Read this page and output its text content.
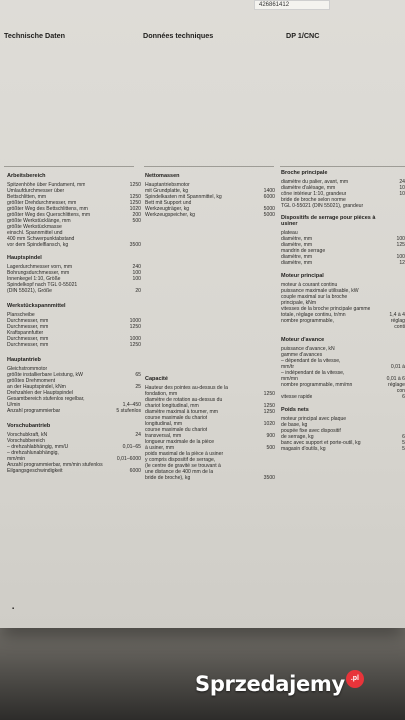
426861412
Technische Daten	Données techniques	DP 1/CNC
Arbeitsbereich
Spitzenhöhe über Fundament, mm	1250
Umlaufdurchmesser über
Bettschlitten, mm	1250
größter Drehdurchmesser, mm	1250
größter Weg des Bettschlittens, mm	1020
größter Weg des Querschlittens, mm	200
größte Werkstücklänge, mm	500
größte Werkstückmasse
einschl. Spannmittel und
400 mm Schwerpunktabstand
vor dem Spindelflansch, kg	3500
Hauptspindel
Lagerdurchmesser vorn, mm	240
Bohrungsdurchmesser, mm	100
Innenkegel 1:10, Größe	100
Spindelkopf nach TGL 0-55021
(DIN 55021), Größe	20
Werkstückspannmittel
Planscheibe
Durchmesser, mm	1000
Durchmesser, mm	1250
Kraftspannfutter
Durchmesser, mm	1000
Durchmesser, mm	1250
Hauptantrieb
Gleichstrommotor
größte installierbare Leistung, kW	65
größtes Drehmoment
an der Hauptspindel, kNm	25
Drehzahlen der Hauptspindel
Gesamtbereich stufenlos regelbar,
U/min	1,4–450
Anzahl programmierbar	5 stufenlos
Vorschubantrieb
Vorschubkraft, kN	24
Vorschubbereich
– drehzahlabhängig, mm/U	0,01–65
– drehzahlunabhängig,
mm/min	0,01–6000
Anzahl programmierbar, mm/min stufenlos
Eilgangsgeschwindigkeit	6000
Nettomassen
Hauptantriebsmotor
mit Grundplatte, kg	1400
Spindelkasten mit Spannmittel, kg	6000
Bett mit Support und
Werkzeugträger, kg	5000
Werkzeugspeicher, kg	5000
Capacité
Hauteur des pointes au-dessus de la
fondation, mm	1250
diamètre de rotation au-dessus du
chariot longitudinal, mm	1250
diamètre maximal à tourner, mm	1250
course maximale du chariot
longitudinal, mm	1020
course maximale du chariot
transversal, mm	900
longueur maximale de la pièce
à usiner, mm	500
poids maximal de la pièce à usiner
y compris dispositif de serrage,
(le centre de gravité se trouvant à
une distance de 400 mm de la
bride de broche), kg	3500
Broche principale
diamètre du palier, avant, mm	24
diamètre d'alésage, mm	10
cône intérieur 1:10, grandeur	10
bride de broche selon norme
TGL 0-55021 (DIN 55021), grandeur
Dispositifs de serrage pour pièces à usiner
plateau
diamètre, mm	100
diamètre, mm	125
mandrin de serrage
diamètre, mm	100
diamètre, mm	12
Moteur principal
moteur à courant continu
puissance maximale utilisable, kW
couple maximal sur la broche
principale, kNm
vitesses de la broche principale gamme
totale, réglage continu, tr/mn	1,4 à 4
nombre programmable,	réglag
conti
Moteur d'avance
puissance d'avance, kN
gamme d'avances
– dépendant de la vitesse,
mm/tr	0,01 à
– indépendant de la vitesse,
mm/mn	0,01 à 6
nombre programmable, mm/mn	réglage
con
vitesse rapide	6
Poids nets
moteur principal avec plaque
de base, kg
poupée fixe avec dispositif
de serrage, kg	6
banc avec support et porte-outil, kg	5
magasin d'outils, kg	5
▪
Sprzedajemy .pl
